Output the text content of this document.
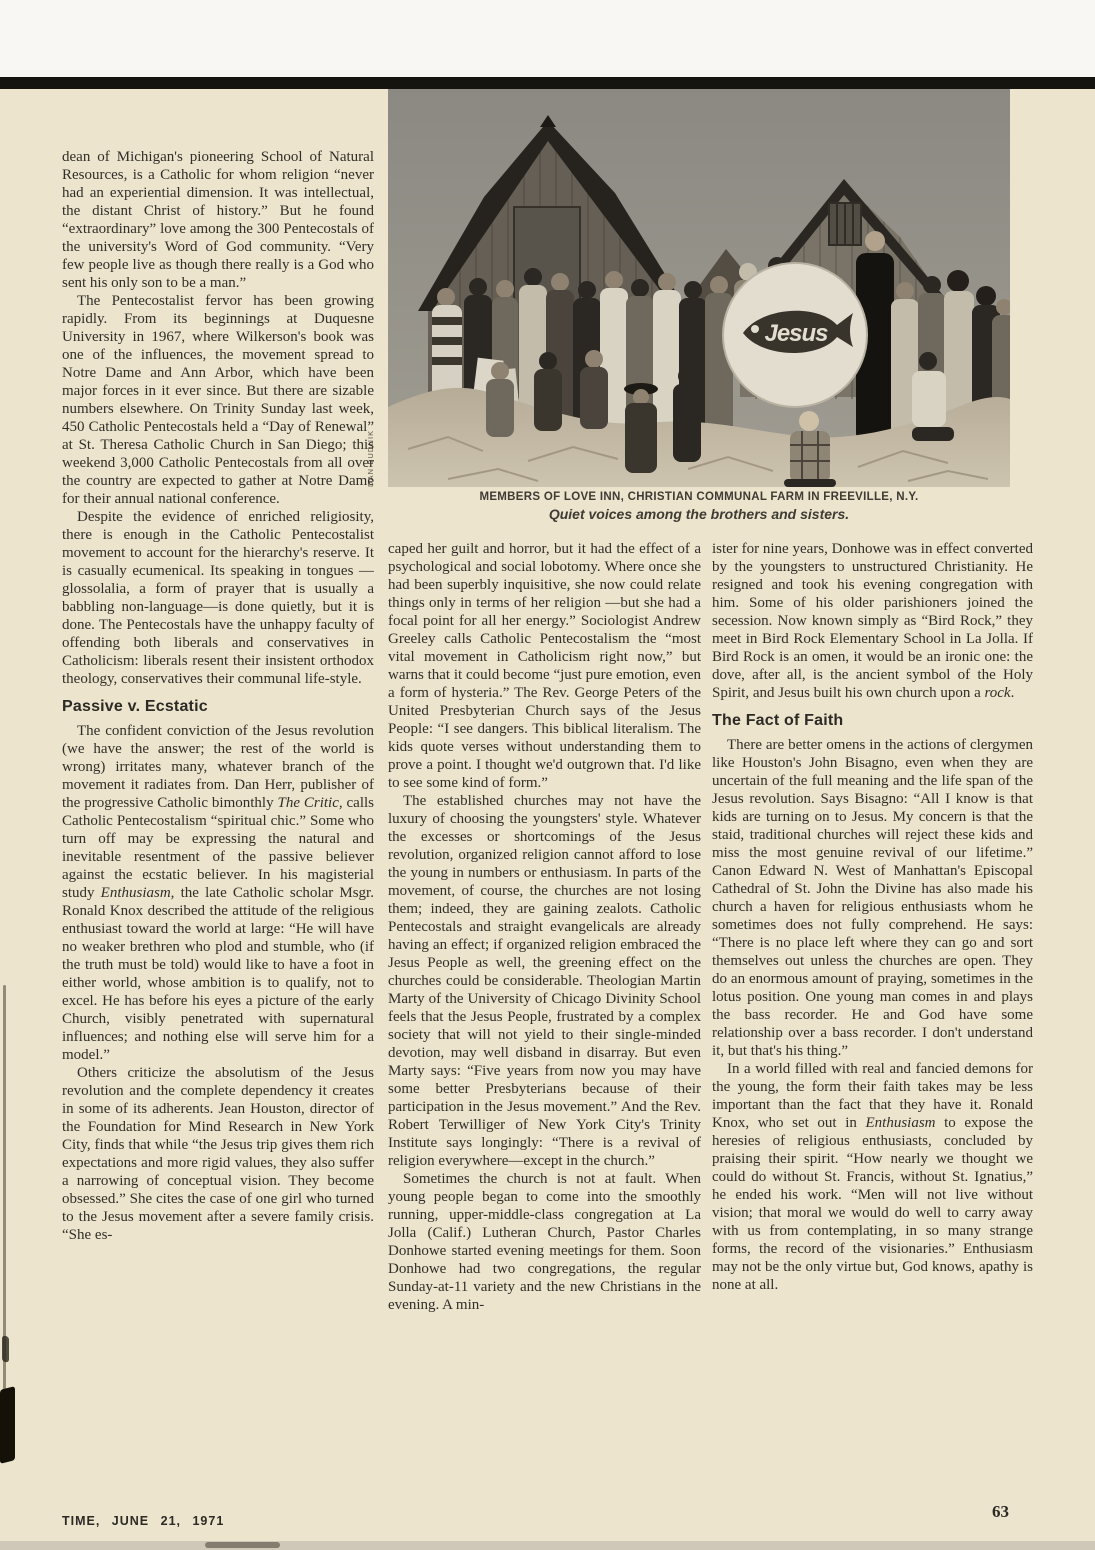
Jesus
DAN BUDNIK
MEMBERS OF LOVE INN, CHRISTIAN COMMUNAL FARM IN FREEVILLE, N.Y.
Quiet voices among the brothers and sisters.

dean of Michigan's pioneering School of Natural Resources, is a Catholic for whom religion “never had an experiential dimension. It was intellectual, the distant Christ of history.” But he found “extraordinary” love among the 300 Pentecostals of the university's Word of God community. “Very few people live as though there really is a God who sent his only son to be a man.”

The Pentecostalist fervor has been growing rapidly. From its beginnings at Duquesne University in 1967, where Wilkerson's book was one of the influences, the movement spread to Notre Dame and Ann Arbor, which have been major forces in it ever since. But there are sizable numbers elsewhere. On Trinity Sunday last week, 450 Catholic Pentecostals held a “Day of Renewal” at St. Theresa Catholic Church in San Diego; this weekend 3,000 Catholic Pentecostals from all over the country are expected to gather at Notre Dame for their annual national conference.

Despite the evidence of enriched religiosity, there is enough in the Catholic Pentecostalist movement to account for the hierarchy's reserve. It is casually ecumenical. Its speaking in tongues —glossolalia, a form of prayer that is usually a babbling non-language—is done quietly, but it is done. The Pentecostals have the unhappy faculty of offending both liberals and conservatives in Catholicism: liberals resent their insistent orthodox theology, conservatives their communal life-style.

Passive v. Ecstatic

The confident conviction of the Jesus revolution (we have the answer; the rest of the world is wrong) irritates many, whatever branch of the movement it radiates from. Dan Herr, publisher of the progressive Catholic bimonthly The Critic, calls Catholic Pentecostalism “spiritual chic.” Some who turn off may be expressing the natural and inevitable resentment of the passive believer against the ecstatic believer. In his magisterial study Enthusiasm, the late Catholic scholar Msgr. Ronald Knox described the attitude of the religious enthusiast toward the world at large: “He will have no weaker brethren who plod and stumble, who (if the truth must be told) would like to have a foot in either world, whose ambition is to qualify, not to excel. He has before his eyes a picture of the early Church, visibly penetrated with supernatural influences; and nothing else will serve him for a model.”

Others criticize the absolutism of the Jesus revolution and the complete dependency it creates in some of its adherents. Jean Houston, director of the Foundation for Mind Research in New York City, finds that while “the Jesus trip gives them rich expectations and more rigid values, they also suffer a narrowing of conceptual vision. They become obsessed.” She cites the case of one girl who turned to the Jesus movement after a severe family crisis. “She es-

caped her guilt and horror, but it had the effect of a psychological and social lobotomy. Where once she had been superbly inquisitive, she now could relate things only in terms of her religion —but she had a focal point for all her energy.” Sociologist Andrew Greeley calls Catholic Pentecostalism the “most vital movement in Catholicism right now,” but warns that it could become “just pure emotion, even a form of hysteria.” The Rev. George Peters of the United Presbyterian Church says of the Jesus People: “I see dangers. This biblical literalism. The kids quote verses without understanding them to prove a point. I thought we'd outgrown that. I'd like to see some kind of form.”

The established churches may not have the luxury of choosing the youngsters' style. Whatever the excesses or shortcomings of the Jesus revolution, organized religion cannot afford to lose the young in numbers or enthusiasm. In parts of the movement, of course, the churches are not losing them; indeed, they are gaining zealots. Catholic Pentecostals and straight evangelicals are already having an effect; if organized religion embraced the Jesus People as well, the greening effect on the churches could be considerable. Theologian Martin Marty of the University of Chicago Divinity School feels that the Jesus People, frustrated by a complex society that will not yield to their single-minded devotion, may well disband in disarray. But even Marty says: “Five years from now you may have some better Presbyterians because of their participation in the Jesus movement.” And the Rev. Robert Terwilliger of New York City's Trinity Institute says longingly: “There is a revival of religion everywhere—except in the church.”

Sometimes the church is not at fault. When young people began to come into the smoothly running, upper-middle-class congregation at La Jolla (Calif.) Lutheran Church, Pastor Charles Donhowe started evening meetings for them. Soon Donhowe had two congregations, the regular Sunday-at-11 variety and the new Christians in the evening. A min-

ister for nine years, Donhowe was in effect converted by the youngsters to unstructured Christianity. He resigned and took his evening congregation with him. Some of his older parishioners joined the secession. Now known simply as “Bird Rock,” they meet in Bird Rock Elementary School in La Jolla. If Bird Rock is an omen, it would be an ironic one: the dove, after all, is the ancient symbol of the Holy Spirit, and Jesus built his own church upon a rock.

The Fact of Faith

There are better omens in the actions of clergymen like Houston's John Bisagno, even when they are uncertain of the full meaning and the life span of the Jesus revolution. Says Bisagno: “All I know is that kids are turning on to Jesus. My concern is that the staid, traditional churches will reject these kids and miss the most genuine revival of our lifetime.” Canon Edward N. West of Manhattan's Episcopal Cathedral of St. John the Divine has also made his church a haven for religious enthusiasts whom he sometimes does not fully comprehend. He says: “There is no place left where they can go and sort themselves out unless the churches are open. They do an enormous amount of praying, sometimes in the lotus position. One young man comes in and plays the bass recorder. He and God have some relationship over a bass recorder. I don't understand it, but that's his thing.”

In a world filled with real and fancied demons for the young, the form their faith takes may be less important than the fact that they have it. Ronald Knox, who set out in Enthusiasm to expose the heresies of religious enthusiasts, concluded by praising their spirit. “How nearly we thought we could do without St. Francis, without St. Ignatius,” he ended his work. “Men will not live without vision; that moral we would do well to carry away with us from contemplating, in so many strange forms, the record of the visionaries.” Enthusiasm may not be the only virtue but, God knows, apathy is none at all.

TIME, JUNE 21, 1971	63
